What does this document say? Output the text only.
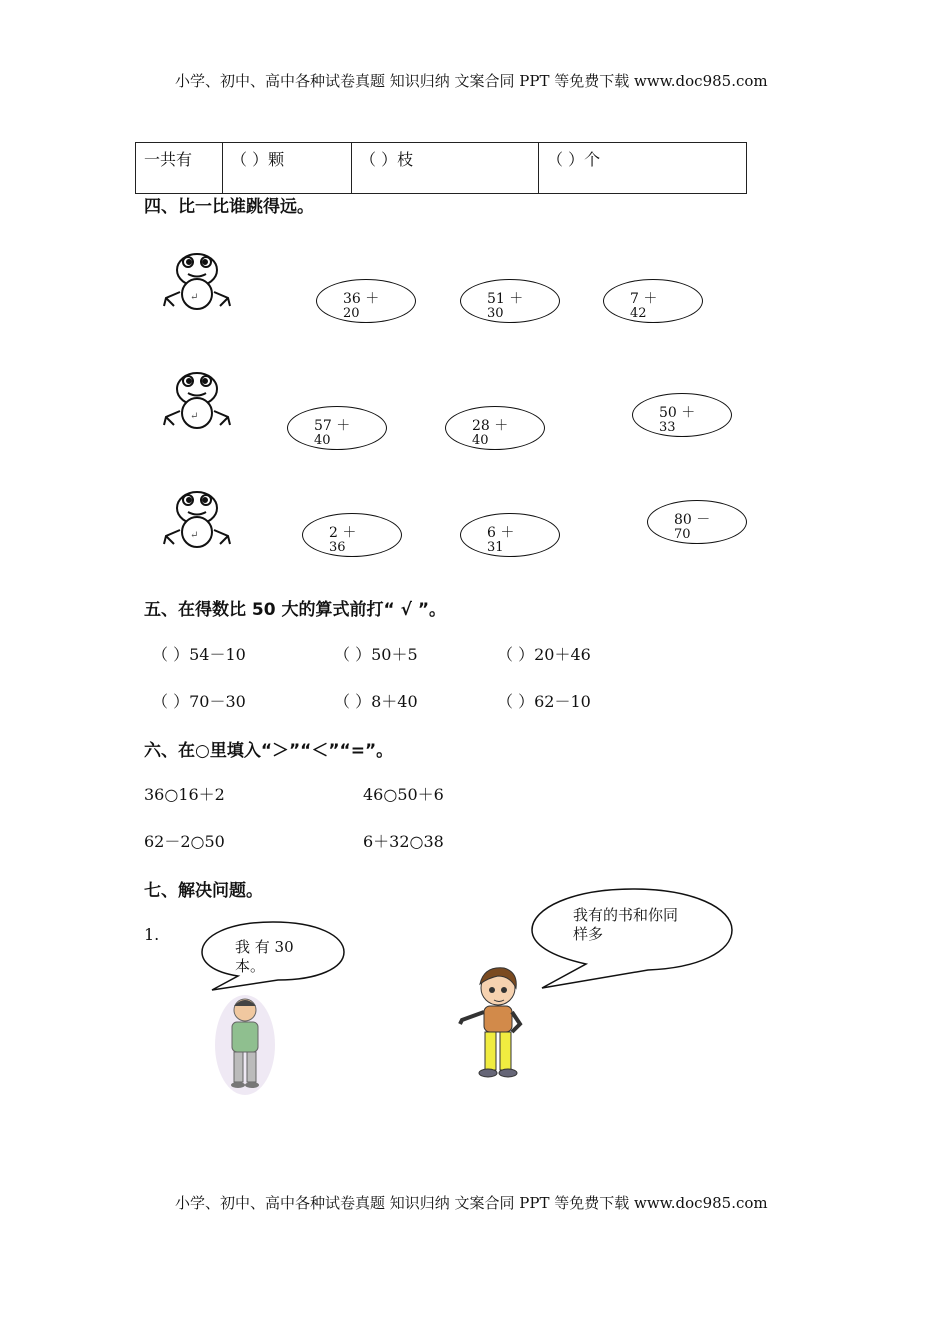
小学、初中、高中各种试卷真题 知识归纳 文案合同 PPT 等免费下载 www.doc985.com
一共有	（ ）颗	（ ）枝	（ ）个
四、比一比谁跳得远。
↵
↵
↵
36 ＋
20
51 ＋
30
7 ＋
42
57 ＋
40
28 ＋
40
50 ＋
33
2 ＋
36
6 ＋
31
80 －
70
五、在得数比 50 大的算式前打“ √ ”。
（ ）54－10	（ ）50＋5	（ ）20＋46
（ ）70－30	（ ）8＋40	（ ）62－10
六、在○里填入“＞”“＜”“=”。
36○16＋2	46○50＋6
62－2○50	6＋32○38
七、解决问题。
1.
我 有 30
本。
我有的书和你同
样多
小学、初中、高中各种试卷真题 知识归纳 文案合同 PPT 等免费下载 www.doc985.com
